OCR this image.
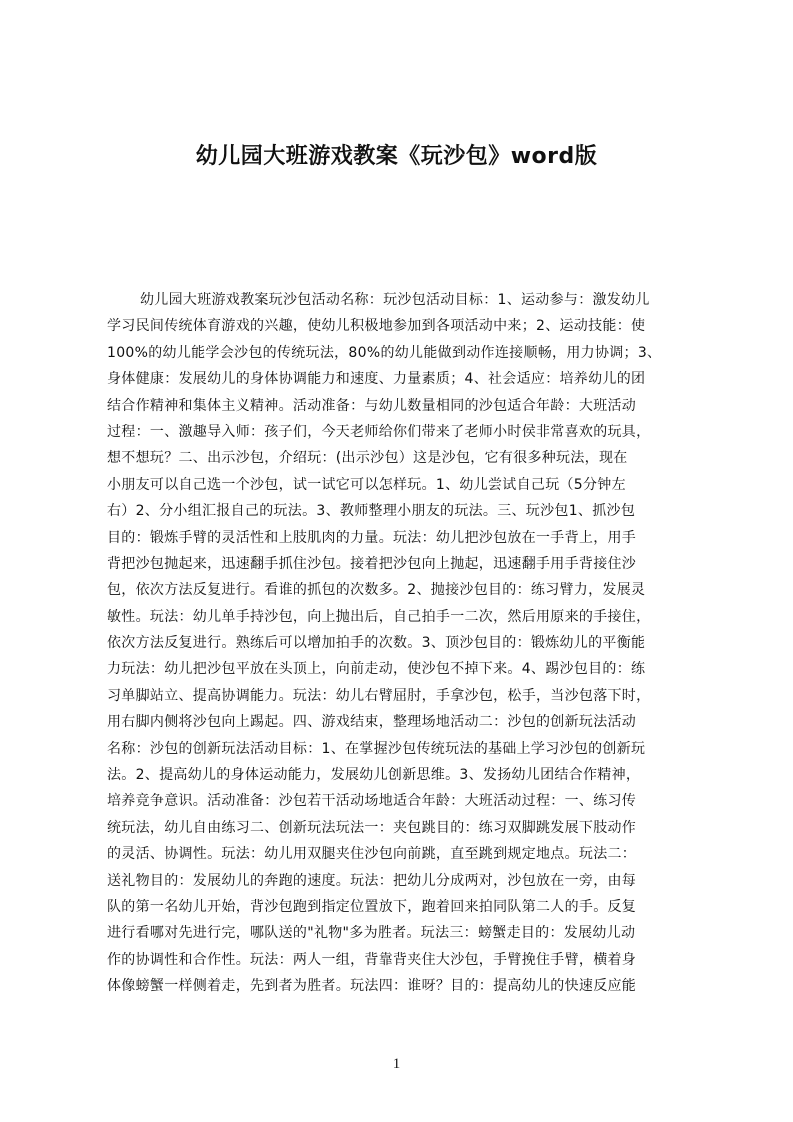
幼儿园大班游戏教案《玩沙包》word版
幼儿园大班游戏教案玩沙包活动名称：玩沙包活动目标：1、运动参与：激发幼儿
学习民间传统体育游戏的兴趣，使幼儿积极地参加到各项活动中来；2、运动技能：使
100%的幼儿能学会沙包的传统玩法，80%的幼儿能做到动作连接顺畅，用力协调；3、
身体健康：发展幼儿的身体协调能力和速度、力量素质；4、社会适应：培养幼儿的团
结合作精神和集体主义精神。活动准备：与幼儿数量相同的沙包适合年龄：大班活动
过程：一、激趣导入师：孩子们，今天老师给你们带来了老师小时侯非常喜欢的玩具，
想不想玩？二、出示沙包，介绍玩：(出示沙包）这是沙包，它有很多种玩法，现在
小朋友可以自己选一个沙包，试一试它可以怎样玩。1、幼儿尝试自己玩（5分钟左
右）2、分小组汇报自己的玩法。3、教师整理小朋友的玩法。三、玩沙包1、抓沙包
目的：锻炼手臂的灵活性和上肢肌肉的力量。玩法：幼儿把沙包放在一手背上，用手
背把沙包抛起来，迅速翻手抓住沙包。接着把沙包向上抛起，迅速翻手用手背接住沙
包，依次方法反复进行。看谁的抓包的次数多。2、抛接沙包目的：练习臂力，发展灵
敏性。玩法：幼儿单手持沙包，向上抛出后，自己拍手一二次，然后用原来的手接住，
依次方法反复进行。熟练后可以增加拍手的次数。3、顶沙包目的：锻炼幼儿的平衡能
力玩法：幼儿把沙包平放在头顶上，向前走动，使沙包不掉下来。4、踢沙包目的：练
习单脚站立、提高协调能力。玩法：幼儿右臂屈肘，手拿沙包，松手，当沙包落下时，
用右脚内侧将沙包向上踢起。四、游戏结束，整理场地活动二：沙包的创新玩法活动
名称：沙包的创新玩法活动目标：1、在掌握沙包传统玩法的基础上学习沙包的创新玩
法。2、提高幼儿的身体运动能力，发展幼儿创新思维。3、发扬幼儿团结合作精神，
培养竞争意识。活动准备：沙包若干活动场地适合年龄：大班活动过程：一、练习传
统玩法，幼儿自由练习二、创新玩法玩法一：夹包跳目的：练习双脚跳发展下肢动作
的灵活、协调性。玩法：幼儿用双腿夹住沙包向前跳，直至跳到规定地点。玩法二：
送礼物目的：发展幼儿的奔跑的速度。玩法：把幼儿分成两对，沙包放在一旁，由每
队的第一名幼儿开始，背沙包跑到指定位置放下，跑着回来拍同队第二人的手。反复
进行看哪对先进行完，哪队送的"礼物"多为胜者。玩法三：螃蟹走目的：发展幼儿动
作的协调性和合作性。玩法：两人一组，背靠背夹住大沙包，手臂挽住手臂，横着身
体像螃蟹一样侧着走，先到者为胜者。玩法四：谁呀？目的：提高幼儿的快速反应能
1
